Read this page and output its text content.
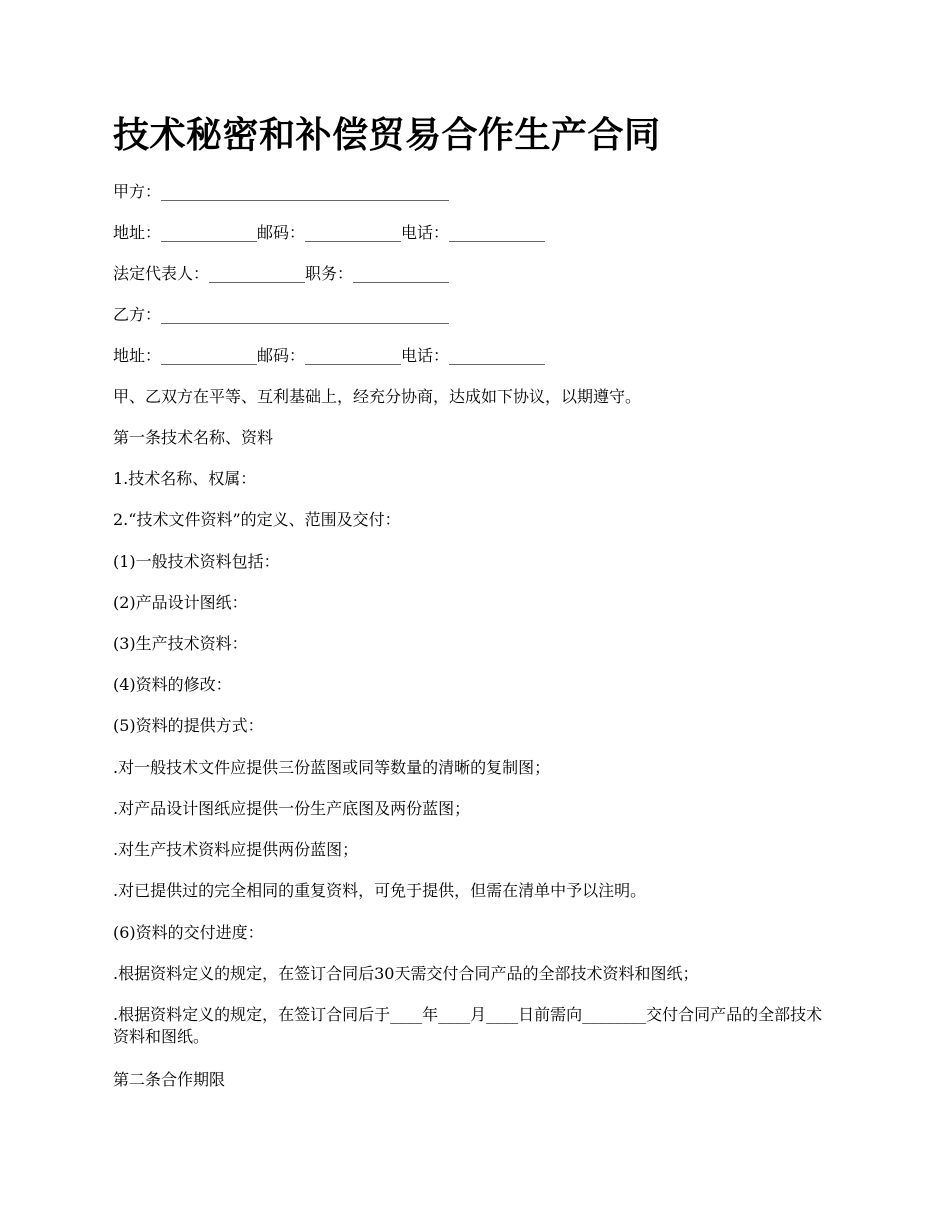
技术秘密和补偿贸易合作生产合同

甲方：____________________________________

地址：____________邮码：____________电话：____________

法定代表人：____________职务：____________

乙方：____________________________________

地址：____________邮码：____________电话：____________

甲、乙双方在平等、互利基础上，经充分协商，达成如下协议，以期遵守。

第一条技术名称、资料

1.技术名称、权属：

2.“技术文件资料”的定义、范围及交付：

(1)一般技术资料包括：

(2)产品设计图纸：

(3)生产技术资料：

(4)资料的修改：

(5)资料的提供方式：

.对一般技术文件应提供三份蓝图或同等数量的清晰的复制图；

.对产品设计图纸应提供一份生产底图及两份蓝图；

.对生产技术资料应提供两份蓝图；

.对已提供过的完全相同的重复资料，可免于提供，但需在清单中予以注明。

(6)资料的交付进度：

.根据资料定义的规定，在签订合同后30天需交付合同产品的全部技术资料和图纸；

.根据资料定义的规定，在签订合同后于____年____月____日前需向________交付合同产品的全部技术资料和图纸。

第二条合作期限
